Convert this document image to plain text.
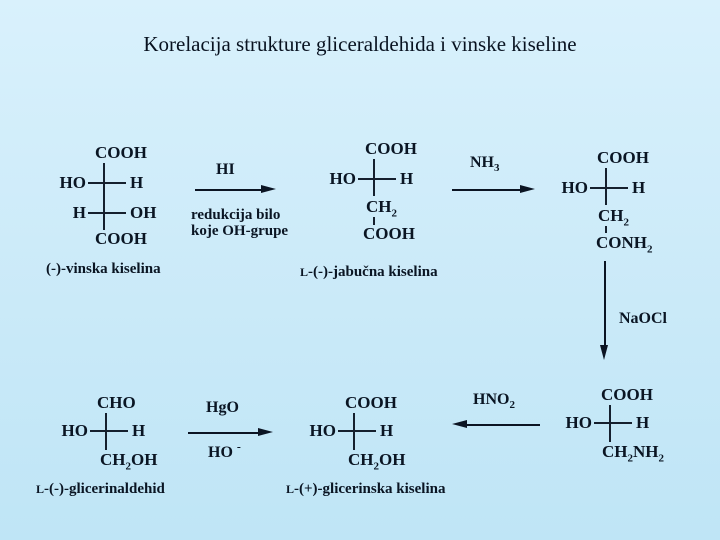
Korelacija strukture gliceraldehida i vinske kiseline
COOH
HO	H
H	OH
COOH
(-)-vinska kiselina
HI
redukcija bilo
koje OH-grupe
COOH
HO	H
$CH_2$
COOH
L-(-)-jabučna kiselina
$NH_3$
COOH
HO	H
$CH_2$
$CONH_2$
NaOCl
COOH
HO	H
$CH_2NH_2$
$HNO_2$
COOH
HO	H
$CH_2OH$
L-(+)-glicerinska kiselina
HgO
HO -
CHO
HO	H
$CH_2OH$
L-(-)-glicerinaldehid
